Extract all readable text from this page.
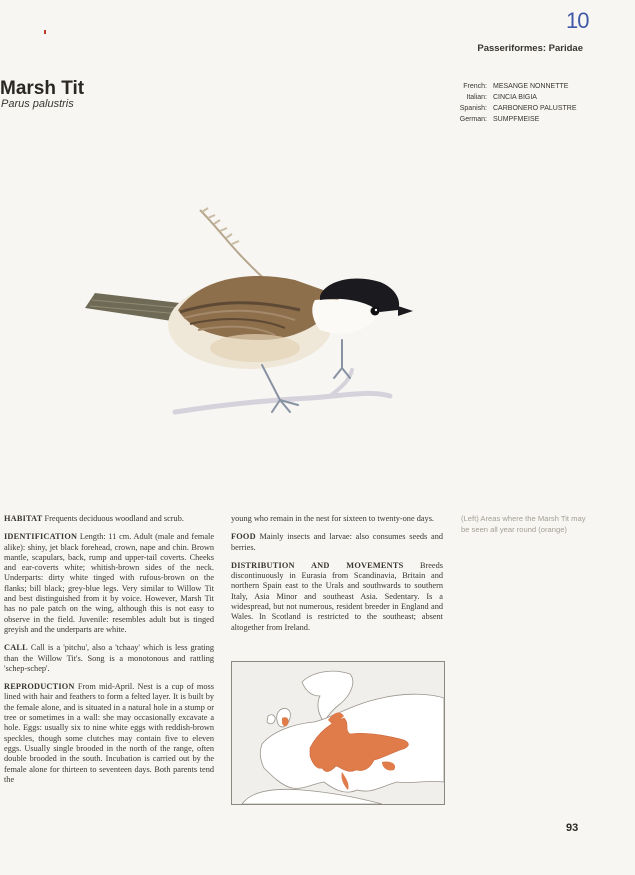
10
Passeriformes: Paridae
Marsh Tit
Parus palustris
French: MESANGE NONNETTE
Italian: CINCIA BIGIA
Spanish: CARBONERO PALUSTRE
German: SUMPFMEISE

HABITAT Frequents deciduous woodland and scrub.

IDENTIFICATION Length: 11 cm. Adult (male and female alike): shiny, jet black forehead, crown, nape and chin. Brown mantle, scapulars, back, rump and upper-tail coverts. Cheeks and ear-coverts white; whitish-brown sides of the neck. Underparts: dirty white tinged with rufous-brown on the flanks; bill black; grey-blue legs. Very similar to Willow Tit and best distinguished from it by voice. However, Marsh Tit has no pale patch on the wing, although this is not easy to observe in the field. Juvenile: resembles adult but is tinged greyish and the underparts are white.

CALL Call is a 'pitchu', also a 'tchaay' which is less grating than the Willow Tit's. Song is a monotonous and rattling 'schep-schep'.

REPRODUCTION From mid-April. Nest is a cup of moss lined with hair and feathers to form a felted layer. It is built by the female alone, and is situated in a natural hole in a stump or tree or sometimes in a wall: she may occasionally excavate a hole. Eggs: usually six to nine white eggs with reddish-brown speckles, though some clutches may contain five to eleven eggs. Usually single brooded in the north of the range, often double brooded in the south. Incubation is carried out by the female alone for thirteen to seventeen days. Both parents tend the

young who remain in the nest for sixteen to twenty-one days.

FOOD Mainly insects and larvae: also consumes seeds and berries.

DISTRIBUTION AND MOVEMENTS Breeds discontinuously in Eurasia from Scandinavia, Britain and northern Spain east to the Urals and southwards to southern Italy, Asia Minor and southeast Asia. Sedentary. Is a widespread, but not numerous, resident breeder in England and Wales. In Scotland is restricted to the southeast; absent altogether from Ireland.

(Left) Areas where the Marsh Tit may be seen all year round (orange)
93
